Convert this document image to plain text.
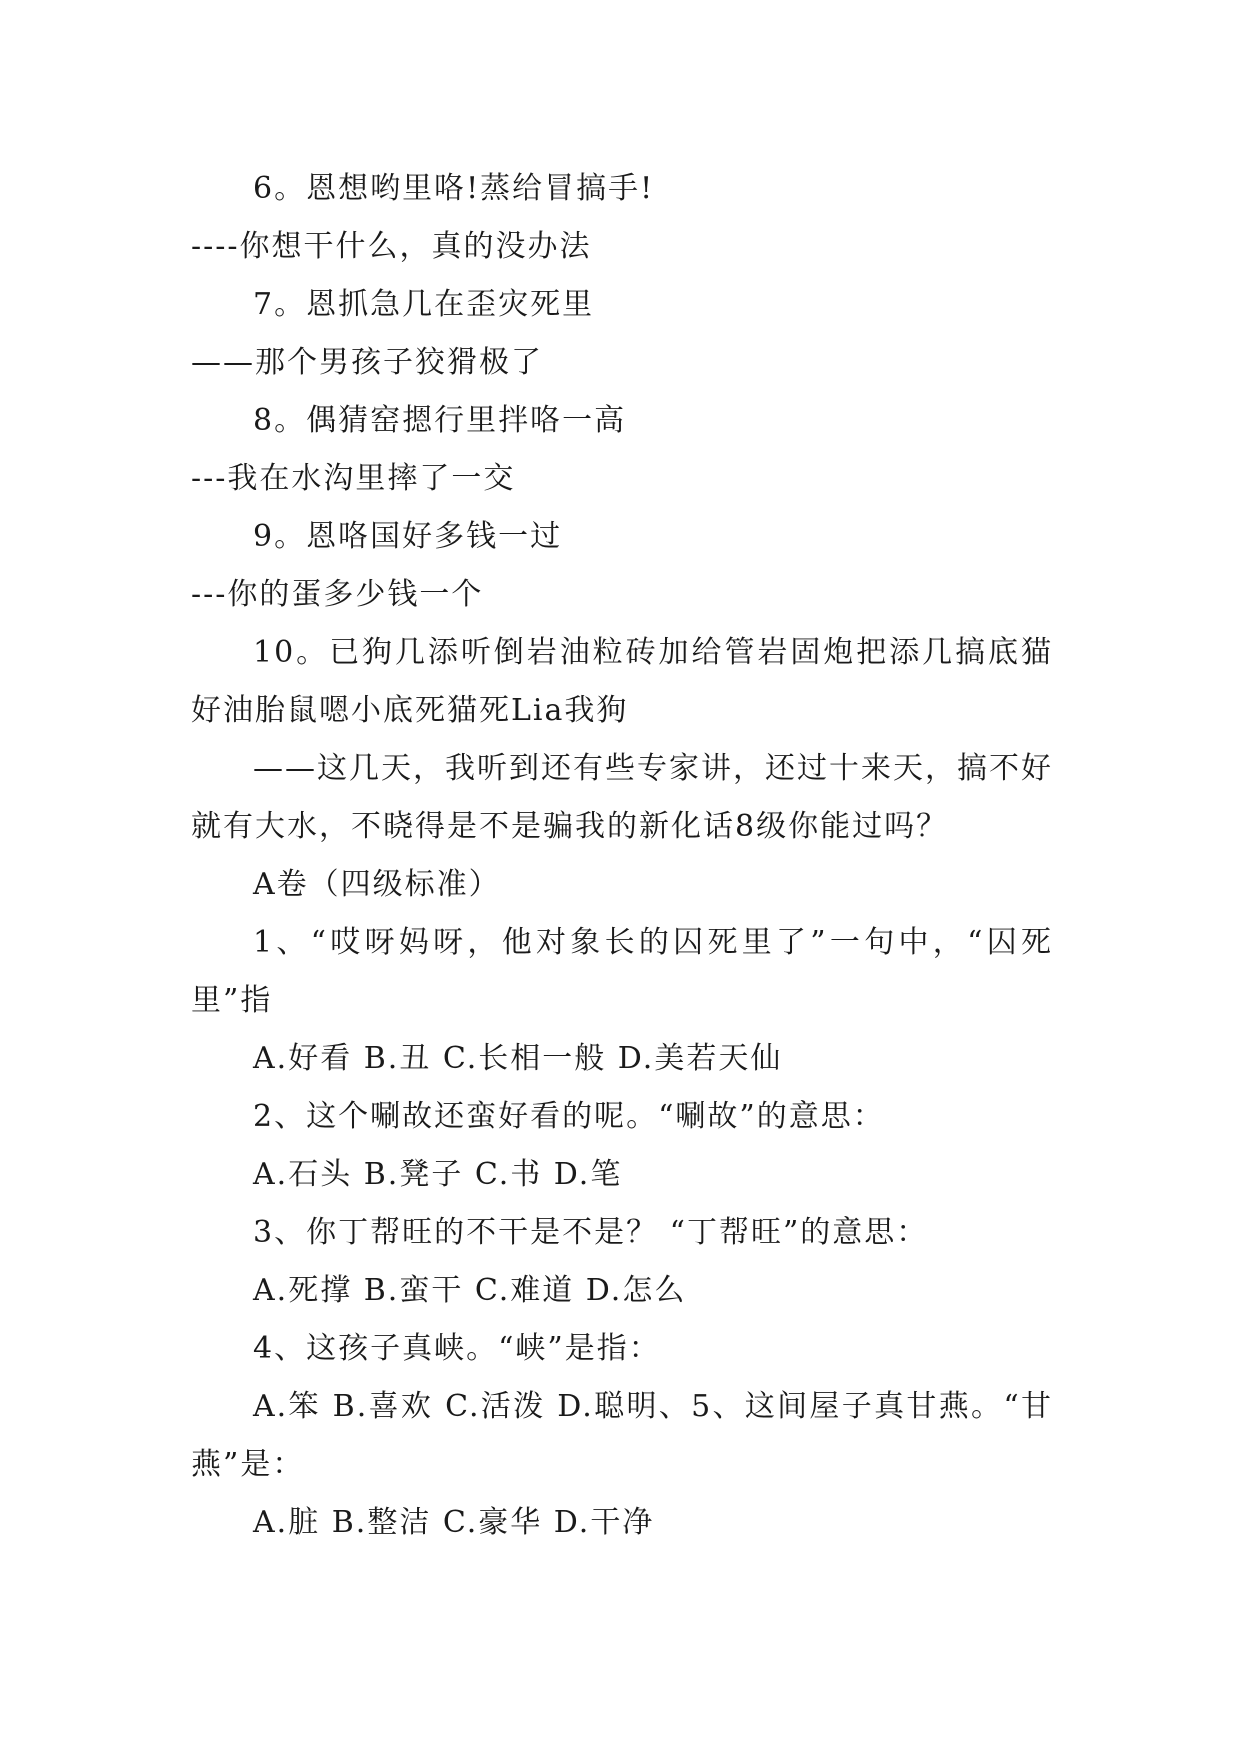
6。恩想哟里咯!蒸给冒搞手!
----你想干什么，真的没办法
7。恩抓急几在歪灾死里
——那个男孩子狡猾极了
8。偶猜窑摁行里拌咯一高
---我在水沟里摔了一交
9。恩咯国好多钱一过
---你的蛋多少钱一个
10。已狗几添听倒岩油粒砖加给管岩固炮把添几搞底猫好油胎鼠嗯小底死猫死Lia我狗
——这几天，我听到还有些专家讲，还过十来天，搞不好就有大水，不晓得是不是骗我的新化话8级你能过吗？
A卷（四级标准）
1、“哎呀妈呀，他对象长的囚死里了”一句中，“囚死里”指
A.好看 B.丑 C.长相一般 D.美若天仙
2、这个唰故还蛮好看的呢。“唰故”的意思：
A.石头 B.凳子 C.书 D.笔
3、你丁帮旺的不干是不是？ “丁帮旺”的意思：
A.死撑 B.蛮干 C.难道 D.怎么
4、这孩子真峡。“峡”是指：
A.笨 B.喜欢 C.活泼 D.聪明、5、这间屋子真甘燕。“甘燕”是：
A.脏 B.整洁 C.豪华 D.干净
